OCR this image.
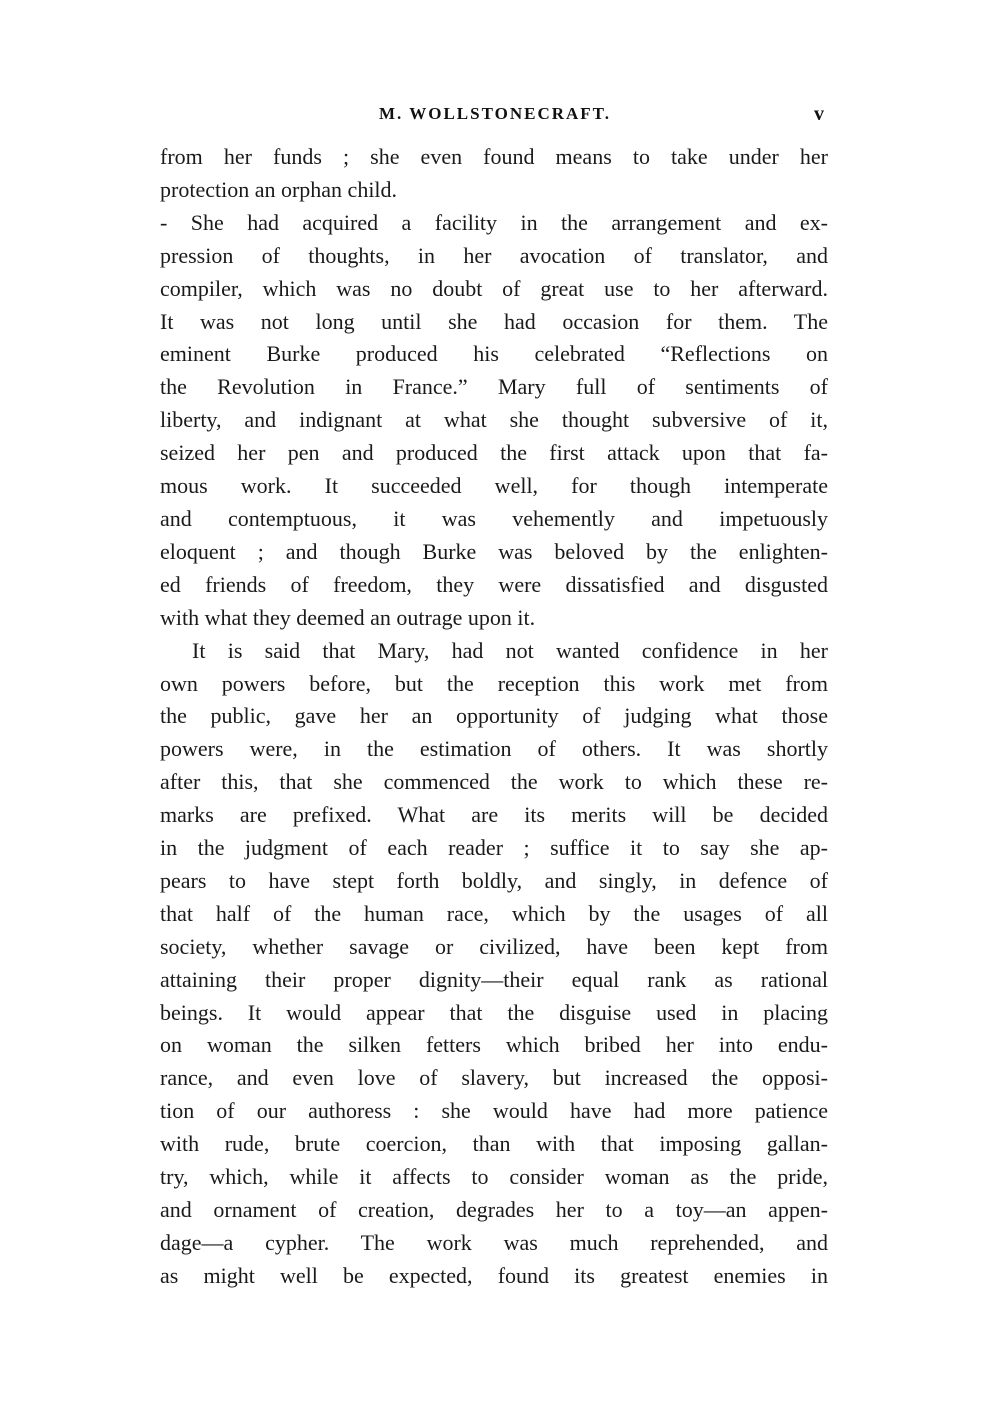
M. WOLLSTONECRAFT.	v

from her funds ; she even found means to take under her

protection an orphan child.

- She had acquired a facility in the arrangement and ex-

pression of thoughts, in her avocation of translator, and

compiler, which was no doubt of great use to her afterward.

It was not long until she had occasion for them. The

eminent Burke produced his celebrated “Reflections on

the Revolution in France.” Mary full of sentiments of

liberty, and indignant at what she thought subversive of it,

seized her pen and produced the first attack upon that fa-

mous work. It succeeded well, for though intemperate

and contemptuous, it was vehemently and impetuously

eloquent ; and though Burke was beloved by the enlighten-

ed friends of freedom, they were dissatisfied and disgusted

with what they deemed an outrage upon it.

It is said that Mary, had not wanted confidence in her

own powers before, but the reception this work met from

the public, gave her an opportunity of judging what those

powers were, in the estimation of others. It was shortly

after this, that she commenced the work to which these re-

marks are prefixed. What are its merits will be decided

in the judgment of each reader ; suffice it to say she ap-

pears to have stept forth boldly, and singly, in defence of

that half of the human race, which by the usages of all

society, whether savage or civilized, have been kept from

attaining their proper dignity—their equal rank as rational

beings. It would appear that the disguise used in placing

on woman the silken fetters which bribed her into endu-

rance, and even love of slavery, but increased the opposi-

tion of our authoress : she would have had more patience

with rude, brute coercion, than with that imposing gallan-

try, which, while it affects to consider woman as the pride,

and ornament of creation, degrades her to a toy—an appen-

dage—a cypher. The work was much reprehended, and

as might well be expected, found its greatest enemies in
